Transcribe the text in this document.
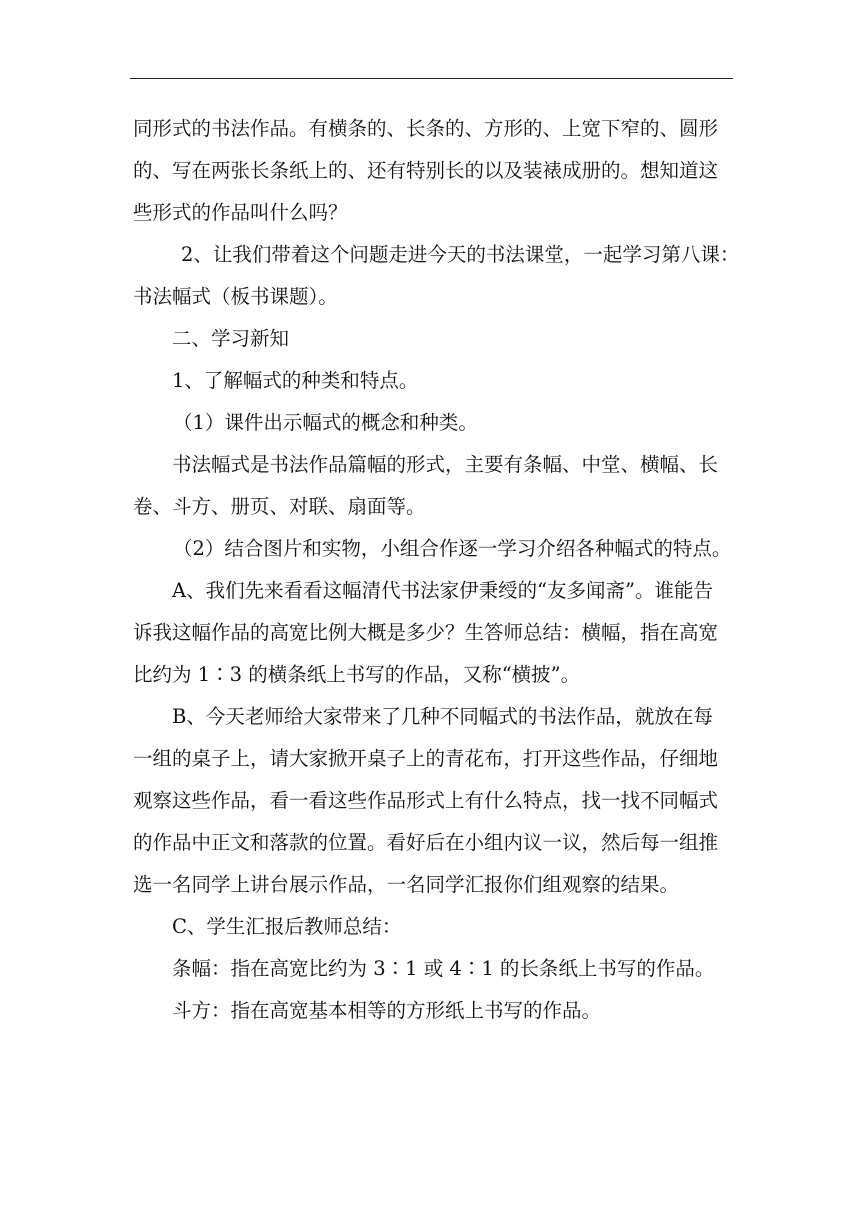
同形式的书法作品。有横条的、长条的、方形的、上宽下窄的、圆形
的、写在两张长条纸上的、还有特别长的以及装裱成册的。想知道这
些形式的作品叫什么吗？
2、让我们带着这个问题走进今天的书法课堂，一起学习第八课：
书法幅式（板书课题）。
二、学习新知
1、了解幅式的种类和特点。
（1）课件出示幅式的概念和种类。
书法幅式是书法作品篇幅的形式，主要有条幅、中堂、横幅、长
卷、斗方、册页、对联、扇面等。
（2）结合图片和实物，小组合作逐一学习介绍各种幅式的特点。
A、我们先来看看这幅清代书法家伊秉绶的“友多闻斋”。谁能告
诉我这幅作品的高宽比例大概是多少？生答师总结：横幅，指在高宽
比约为 1∶3 的横条纸上书写的作品，又称“横披”。
B、今天老师给大家带来了几种不同幅式的书法作品，就放在每
一组的桌子上，请大家掀开桌子上的青花布，打开这些作品，仔细地
观察这些作品，看一看这些作品形式上有什么特点，找一找不同幅式
的作品中正文和落款的位置。看好后在小组内议一议，然后每一组推
选一名同学上讲台展示作品，一名同学汇报你们组观察的结果。
C、学生汇报后教师总结：
条幅：指在高宽比约为 3∶1 或 4∶1 的长条纸上书写的作品。
斗方：指在高宽基本相等的方形纸上书写的作品。
